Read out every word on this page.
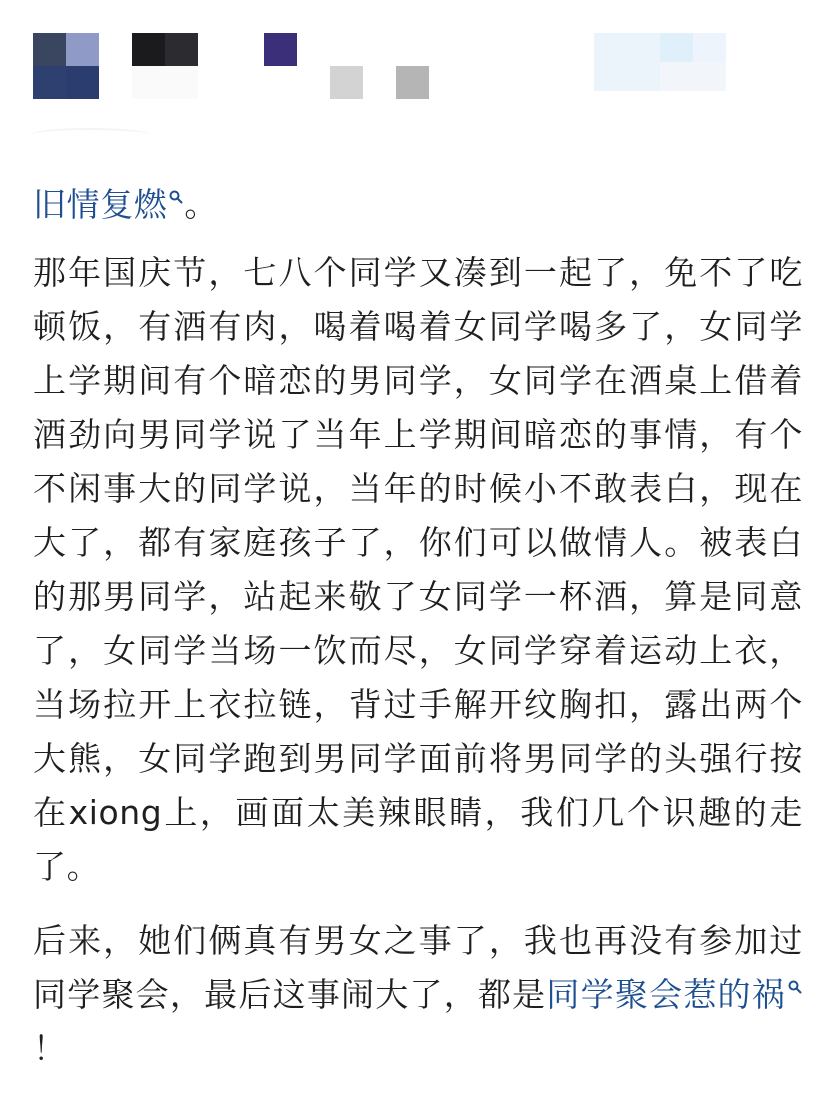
旧情复燃 。

那年国庆节，七八个同学又凑到一起了，免不了吃顿饭，有酒有肉，喝着喝着女同学喝多了，女同学上学期间有个暗恋的男同学，女同学在酒桌上借着酒劲向男同学说了当年上学期间暗恋的事情，有个不闲事大的同学说，当年的时候小不敢表白，现在大了，都有家庭孩子了，你们可以做情人。被表白的那男同学，站起来敬了女同学一杯酒，算是同意了，女同学当场一饮而尽，女同学穿着运动上衣，当场拉开上衣拉链，背过手解开纹胸扣，露出两个大熊，女同学跑到男同学面前将男同学的头强行按在xiong上，画面太美辣眼睛，我们几个识趣的走了。

后来，她们俩真有男女之事了，我也再没有参加过同学聚会，最后这事闹大了，都是同学聚会惹的祸
！
